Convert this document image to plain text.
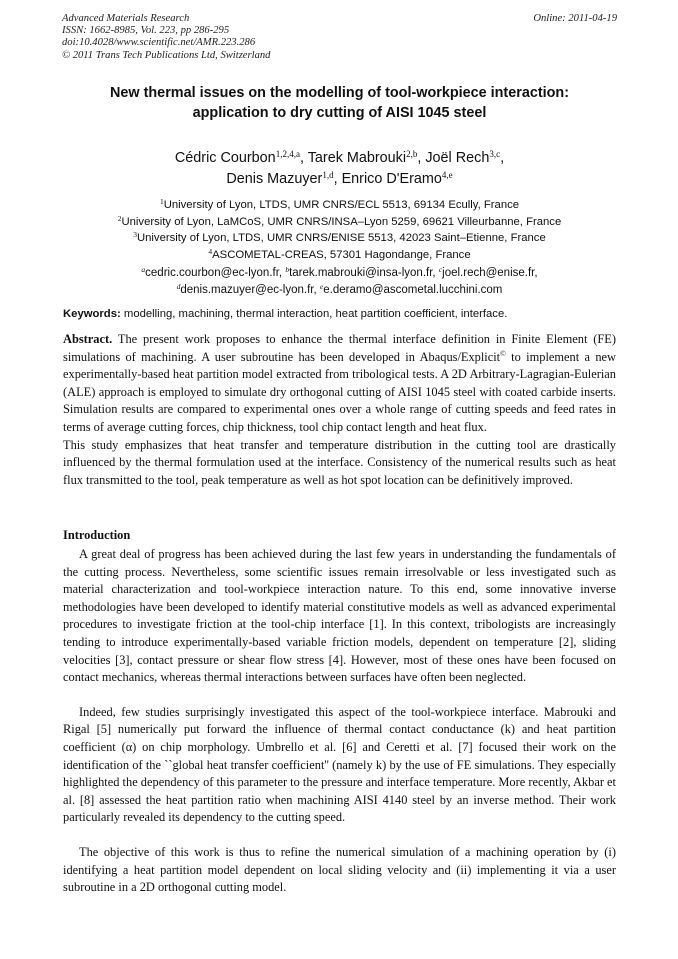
Advanced Materials Research
ISSN: 1662-8985, Vol. 223, pp 286-295
doi:10.4028/www.scientific.net/AMR.223.286
© 2011 Trans Tech Publications Ltd, Switzerland
Online: 2011-04-19
New thermal issues on the modelling of tool-workpiece interaction:
application to dry cutting of AISI 1045 steel
Cédric Courbon$^{1,2,4,a}$, Tarek Mabrouki$^{2,b}$, Joël Rech$^{3,c}$,
Denis Mazuyer$^{1,d}$, Enrico D'Eramo$^{4,e}$
$^1$University of Lyon, LTDS, UMR CNRS/ECL 5513, 69134 Ecully, France
$^2$University of Lyon, LaMCoS, UMR CNRS/INSA–Lyon 5259, 69621 Villeurbanne, France
$^3$University of Lyon, LTDS, UMR CNRS/ENISE 5513, 42023 Saint–Etienne, France
$^4$ASCOMETAL-CREAS, 57301 Hagondange, France
$^a$cedric.courbon@ec-lyon.fr, $^b$tarek.mabrouki@insa-lyon.fr, $^c$joel.rech@enise.fr,
$^d$denis.mazuyer@ec-lyon.fr, $^e$e.deramo@ascometal.lucchini.com
Keywords: modelling, machining, thermal interaction, heat partition coefficient, interface.
Abstract. The present work proposes to enhance the thermal interface definition in Finite Element (FE) simulations of machining. A user subroutine has been developed in Abaqus/Explicit© to implement a new experimentally-based heat partition model extracted from tribological tests. A 2D Arbitrary-Lagragian-Eulerian (ALE) approach is employed to simulate dry orthogonal cutting of AISI 1045 steel with coated carbide inserts. Simulation results are compared to experimental ones over a whole range of cutting speeds and feed rates in terms of average cutting forces, chip thickness, tool chip contact length and heat flux.
This study emphasizes that heat transfer and temperature distribution in the cutting tool are drastically influenced by the thermal formulation used at the interface. Consistency of the numerical results such as heat flux transmitted to the tool, peak temperature as well as hot spot location can be definitively improved.
Introduction
A great deal of progress has been achieved during the last few years in understanding the fundamentals of the cutting process. Nevertheless, some scientific issues remain irresolvable or less investigated such as material characterization and tool-workpiece interaction nature. To this end, some innovative inverse methodologies have been developed to identify material constitutive models as well as advanced experimental procedures to investigate friction at the tool-chip interface [1]. In this context, tribologists are increasingly tending to introduce experimentally-based variable friction models, dependent on temperature [2], sliding velocities [3], contact pressure or shear flow stress [4]. However, most of these ones have been focused on contact mechanics, whereas thermal interactions between surfaces have often been neglected.
Indeed, few studies surprisingly investigated this aspect of the tool-workpiece interface. Mabrouki and Rigal [5] numerically put forward the influence of thermal contact conductance (k) and heat partition coefficient (α) on chip morphology. Umbrello et al. [6] and Ceretti et al. [7] focused their work on the identification of the ``global heat transfer coefficient'' (namely k) by the use of FE simulations. They especially highlighted the dependency of this parameter to the pressure and interface temperature. More recently, Akbar et al. [8] assessed the heat partition ratio when machining AISI 4140 steel by an inverse method. Their work particularly revealed its dependency to the cutting speed.
The objective of this work is thus to refine the numerical simulation of a machining operation by (i) identifying a heat partition model dependent on local sliding velocity and (ii) implementing it via a user subroutine in a 2D orthogonal cutting model.
